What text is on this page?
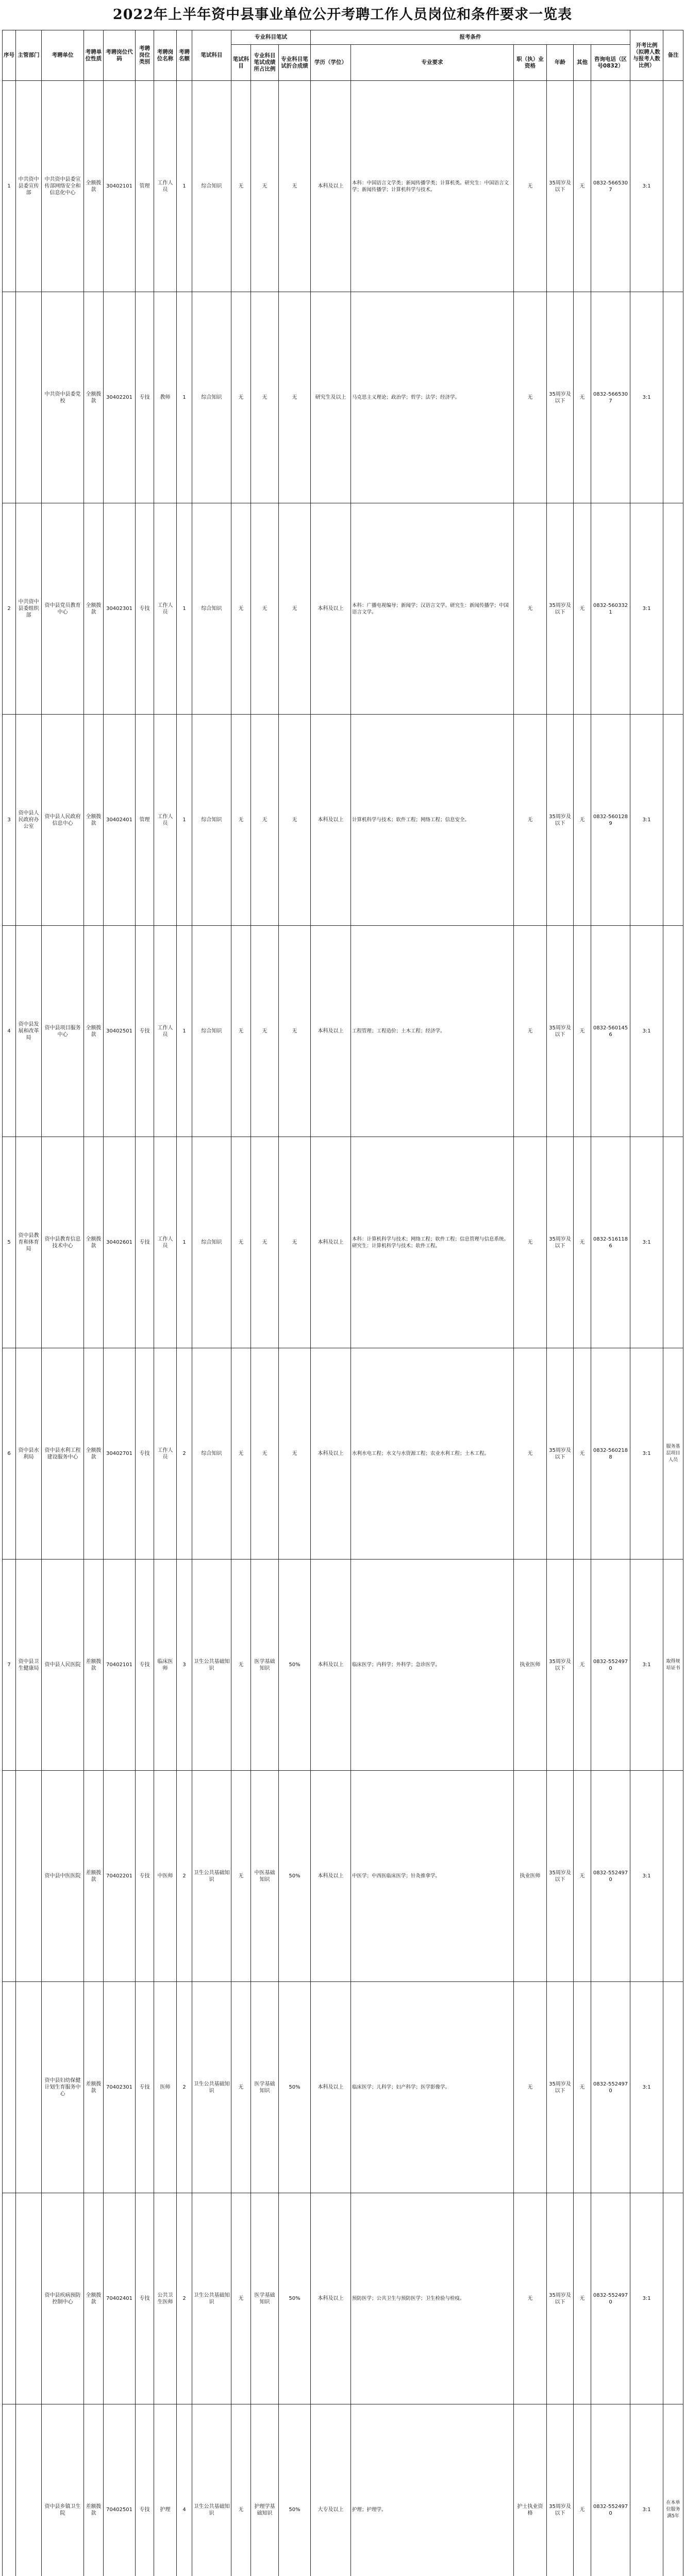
2022年上半年资中县事业单位公开考聘工作人员岗位和条件要求一览表
序号	主管部门	考聘单位	考聘单位性质	考聘岗位代码	考聘岗位类别	考聘岗位名称	考聘名额	笔试科目	专业科目笔试			报考条件						开考比例（拟聘人数与报考人数比例）	备注
									笔试科目	专业科目笔试成绩所占比例	专业科目笔试折合成绩	学历（学位）	专业要求	职（执）业资格	年龄	其他	咨询电话（区号0832）		
1	中共资中县委宣传部	中共资中县委宣传部网络安全和信息化中心	全额拨款	30402101	管理	工作人员	1	综合知识	无	无	无	本科及以上	本科：中国语言文学类；新闻传播学类；计算机类。研究生：中国语言文学；新闻传播学；计算机科学与技术。	无	35周岁及以下	无	0832-5665307	3:1	
		中共资中县委党校	全额拨款	30402201	专技	教师	1	综合知识	无	无	无	研究生及以上	马克思主义理论；政治学；哲学；法学；经济学。	无	35周岁及以下	无	0832-5665307	3:1	
2	中共资中县委组织部	资中县党员教育中心	全额拨款	30402301	专技	工作人员	1	综合知识	无	无	无	本科及以上	本科：广播电视编导；新闻学；汉语言文学。研究生：新闻传播学；中国语言文学。	无	35周岁及以下	无	0832-5603321	3:1	
3	资中县人民政府办公室	资中县人民政府信息中心	全额拨款	30402401	管理	工作人员	1	综合知识	无	无	无	本科及以上	计算机科学与技术；软件工程；网络工程；信息安全。	无	35周岁及以下	无	0832-5601289	3:1	
4	资中县发展和改革局	资中县项目服务中心	全额拨款	30402501	专技	工作人员	1	综合知识	无	无	无	本科及以上	工程管理；工程造价；土木工程；经济学。	无	35周岁及以下	无	0832-5601456	3:1	
5	资中县教育和体育局	资中县教育信息技术中心	全额拨款	30402601	专技	工作人员	1	综合知识	无	无	无	本科及以上	本科：计算机科学与技术；网络工程；软件工程；信息管理与信息系统。研究生：计算机科学与技术；软件工程。	无	35周岁及以下	无	0832-5161186	3:1	
6	资中县水利局	资中县水利工程建设服务中心	全额拨款	30402701	专技	工作人员	2	综合知识	无	无	无	本科及以上	水利水电工程；水文与水资源工程；农业水利工程；土木工程。	无	35周岁及以下	无	0832-5602188	3:1	服务基层项目人员
7	资中县卫生健康局	资中县人民医院	差额拨款	70402101	专技	临床医师	3	卫生公共基础知识	无	医学基础知识	50%	本科及以上	临床医学；内科学；外科学；急诊医学。	执业医师	35周岁及以下	无	0832-5524970	3:1	取得规培证书
		资中县中医医院	差额拨款	70402201	专技	中医师	2	卫生公共基础知识	无	中医基础知识	50%	本科及以上	中医学；中西医临床医学；针灸推拿学。	执业医师	35周岁及以下	无	0832-5524970	3:1	
		资中县妇幼保健计划生育服务中心	差额拨款	70402301	专技	医师	2	卫生公共基础知识	无	医学基础知识	50%	本科及以上	临床医学；儿科学；妇产科学；医学影像学。	无	35周岁及以下	无	0832-5524970	3:1	
		资中县疾病预防控制中心	全额拨款	70402401	专技	公共卫生医师	2	卫生公共基础知识	无	医学基础知识	50%	本科及以上	预防医学；公共卫生与预防医学；卫生检验与检疫。	无	35周岁及以下	无	0832-5524970	3:1	
		资中县乡镇卫生院	差额拨款	70402501	专技	护理	4	卫生公共基础知识	无	护理学基础知识	50%	大专及以上	护理；护理学。	护士执业资格	35周岁及以下	无	0832-5524970	3:1	在本单位服务满5年
